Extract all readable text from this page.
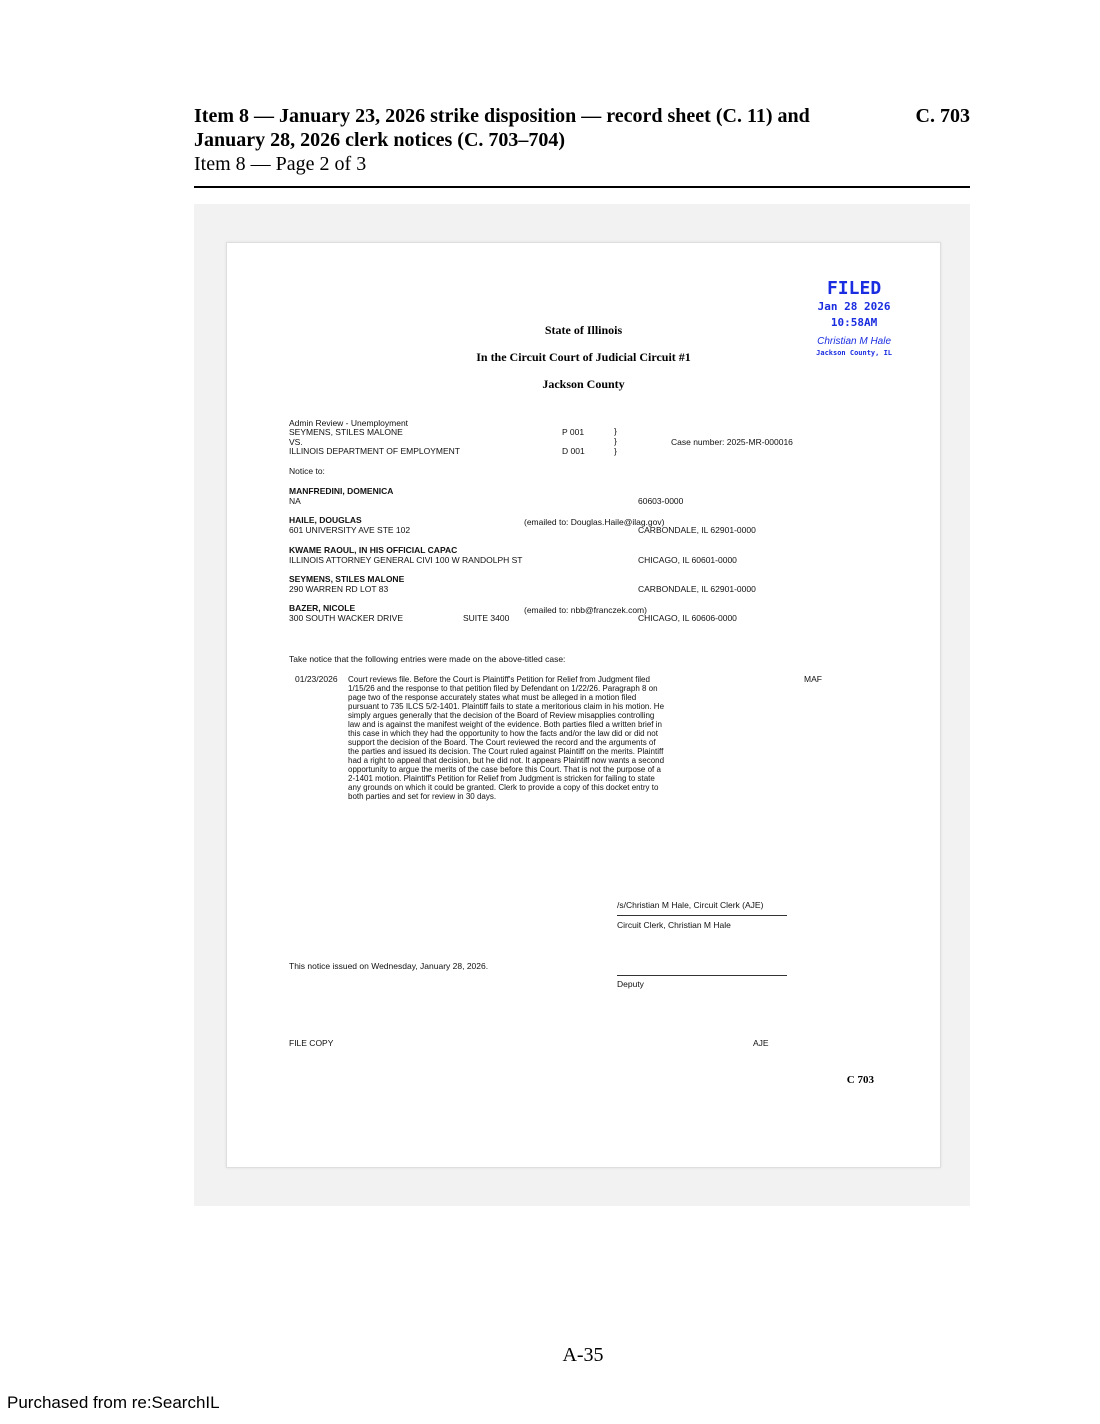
Item 8 — January 23, 2026 strike disposition — record sheet (C. 11) and January 28, 2026 clerk notices (C. 703–704)
C. 703
Item 8 — Page 2 of 3
FILED
Jan 28 2026
10:58AM
Christian M Hale
Jackson County, IL
State of Illinois
In the Circuit Court of Judicial Circuit #1
Jackson County
Admin Review - Unemployment
SEYMENS, STILES MALONE
VS.
ILLINOIS DEPARTMENT OF EMPLOYMENT
P 001
D 001
}
}
}
Case number: 2025-MR-000016
Notice to:
MANFREDINI, DOMENICA
NA	60603-0000
HAILE, DOUGLAS
601 UNIVERSITY AVE STE 102
(emailed to: Douglas.Haile@ilag.gov)
CARBONDALE, IL 62901-0000
KWAME RAOUL, IN HIS OFFICIAL CAPAC
ILLINOIS ATTORNEY GENERAL CIVI 100 W RANDOLPH ST	CHICAGO, IL 60601-0000
SEYMENS, STILES MALONE
290 WARREN RD LOT 83	CARBONDALE, IL 62901-0000
BAZER, NICOLE
300 SOUTH WACKER DRIVE	SUITE 3400
(emailed to: nbb@franczek.com)
CHICAGO, IL 60606-0000
Take notice that the following entries were made on the above-titled case:
01/23/2026	MAF
Court reviews file. Before the Court is Plaintiff's Petition for Relief from Judgment filed 1/15/26 and the response to that petition filed by Defendant on 1/22/26. Paragraph 8 on page two of the response accurately states what must be alleged in a motion filed pursuant to 735 ILCS 5/2-1401. Plaintiff fails to state a meritorious claim in his motion. He simply argues generally that the decision of the Board of Review misapplies controlling law and is against the manifest weight of the evidence. Both parties filed a written brief in this case in which they had the opportunity to how the facts and/or the law did or did not support the decision of the Board. The Court reviewed the record and the arguments of the parties and issued its decision. The Court ruled against Plaintiff on the merits. Plaintiff had a right to appeal that decision, but he did not. It appears Plaintiff now wants a second opportunity to argue the merits of the case before this Court. That is not the purpose of a 2-1401 motion. Plaintiff's Petition for Relief from Judgment is stricken for failing to state any grounds on which it could be granted. Clerk to provide a copy of this docket entry to both parties and set for review in 30 days.
/s/Christian M Hale, Circuit Clerk (AJE)
Circuit Clerk, Christian M Hale
This notice issued on Wednesday, January 28, 2026.
Deputy
FILE COPY	AJE
C 703
A-35
Purchased from re:SearchIL
